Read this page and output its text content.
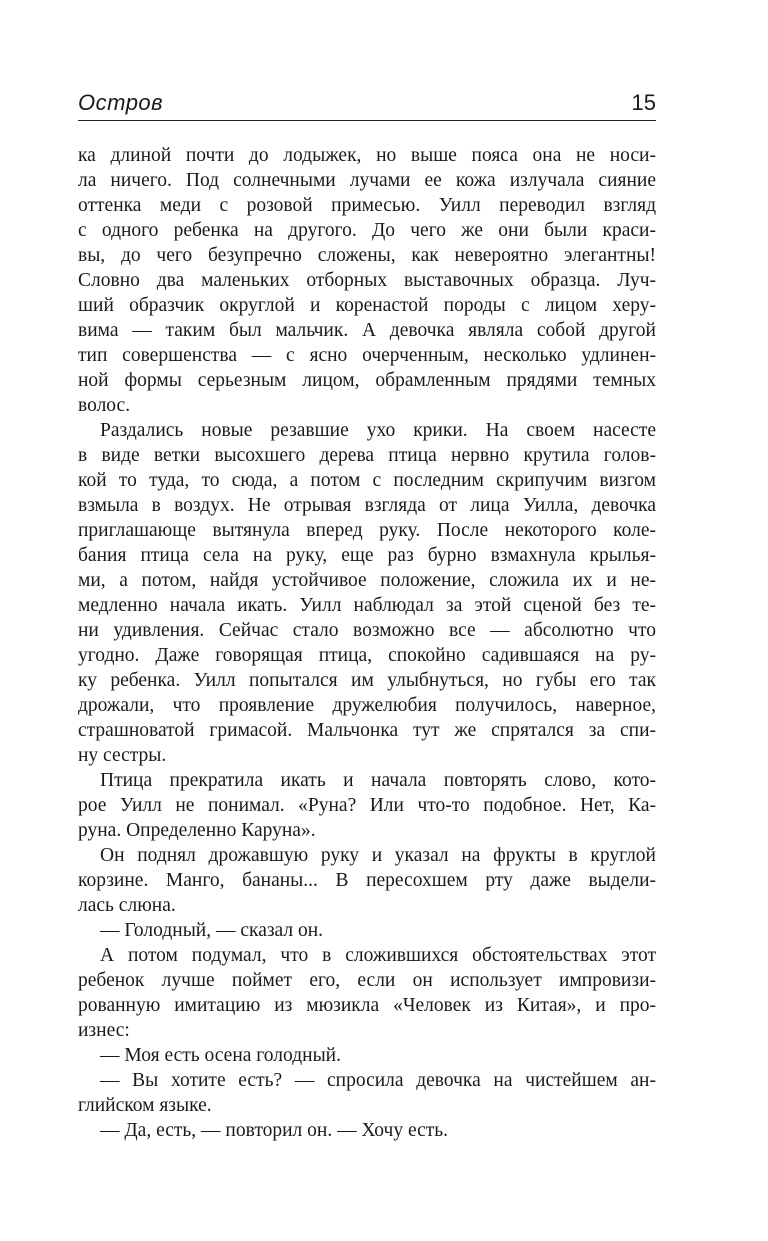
Остров	15

ка длиной почти до лодыжек, но выше пояса она не носи-
ла ничего. Под солнечными лучами ее кожа излучала сияние
оттенка меди с розовой примесью. Уилл переводил взгляд
с одного ребенка на другого. До чего же они были краси-
вы, до чего безупречно сложены, как невероятно элегантны!
Словно два маленьких отборных выставочных образца. Луч-
ший образчик округлой и коренастой породы с лицом херу-
вима — таким был мальчик. А девочка являла собой другой
тип совершенства — с ясно очерченным, несколько удлинен-
ной формы серьезным лицом, обрамленным прядями темных
волос.

Раздались новые резавшие ухо крики. На своем насесте
в виде ветки высохшего дерева птица нервно крутила голов-
кой то туда, то сюда, а потом с последним скрипучим визгом
взмыла в воздух. Не отрывая взгляда от лица Уилла, девочка
приглашающе вытянула вперед руку. После некоторого коле-
бания птица села на руку, еще раз бурно взмахнула крылья-
ми, а потом, найдя устойчивое положение, сложила их и не-
медленно начала икать. Уилл наблюдал за этой сценой без те-
ни удивления. Сейчас стало возможно все — абсолютно что
угодно. Даже говорящая птица, спокойно садившаяся на ру-
ку ребенка. Уилл попытался им улыбнуться, но губы его так
дрожали, что проявление дружелюбия получилось, наверное,
страшноватой гримасой. Мальчонка тут же спрятался за спи-
ну сестры.

Птица прекратила икать и начала повторять слово, кото-
рое Уилл не понимал. «Руна? Или что-то подобное. Нет, Ка-
руна. Определенно Каруна».

Он поднял дрожавшую руку и указал на фрукты в круглой
корзине. Манго, бананы... В пересохшем рту даже выдели-
лась слюна.

— Голодный, — сказал он.

А потом подумал, что в сложившихся обстоятельствах этот
ребенок лучше поймет его, если он использует импровизи-
рованную имитацию из мюзикла «Человек из Китая», и про-
изнес:

— Моя есть осена голодный.

— Вы хотите есть? — спросила девочка на чистейшем ан-
глийском языке.

— Да, есть, — повторил он. — Хочу есть.
